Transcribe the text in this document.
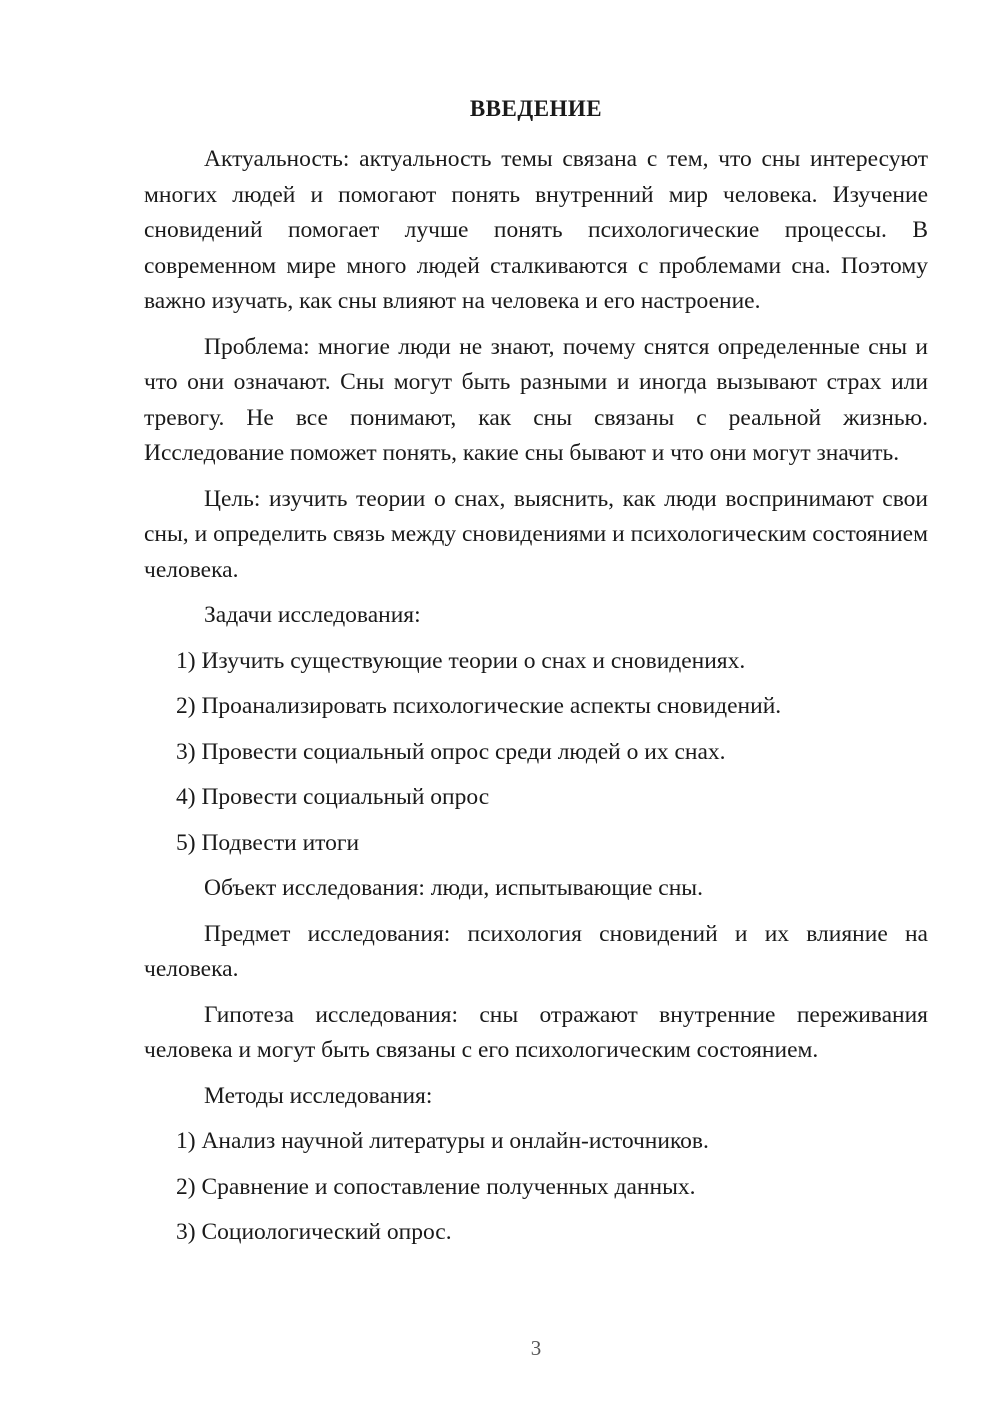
ВВЕДЕНИЕ

Актуальность: актуальность темы связана с тем, что сны интересуют многих людей и помогают понять внутренний мир человека. Изучение сновидений помогает лучше понять психологические процессы. В современном мире много людей сталкиваются с проблемами сна. Поэтому важно изучать, как сны влияют на человека и его настроение.

Проблема: многие люди не знают, почему снятся определенные сны и что они означают. Сны могут быть разными и иногда вызывают страх или тревогу. Не все понимают, как сны связаны с реальной жизнью. Исследование поможет понять, какие сны бывают и что они могут значить.

Цель: изучить теории о снах, выяснить, как люди воспринимают свои сны, и определить связь между сновидениями и психологическим состоянием человека.

Задачи исследования:

1) Изучить существующие теории о снах и сновидениях.

2) Проанализировать психологические аспекты сновидений.

3) Провести социальный опрос среди людей о их снах.

4) Провести социальный опрос

5) Подвести итоги

Объект исследования: люди, испытывающие сны.

Предмет исследования: психология сновидений и их влияние на человека.

Гипотеза исследования: сны отражают внутренние переживания человека и могут быть связаны с его психологическим состоянием.

Методы исследования:

1) Анализ научной литературы и онлайн-источников.

2) Сравнение и сопоставление полученных данных.

3) Социологический опрос.

3
